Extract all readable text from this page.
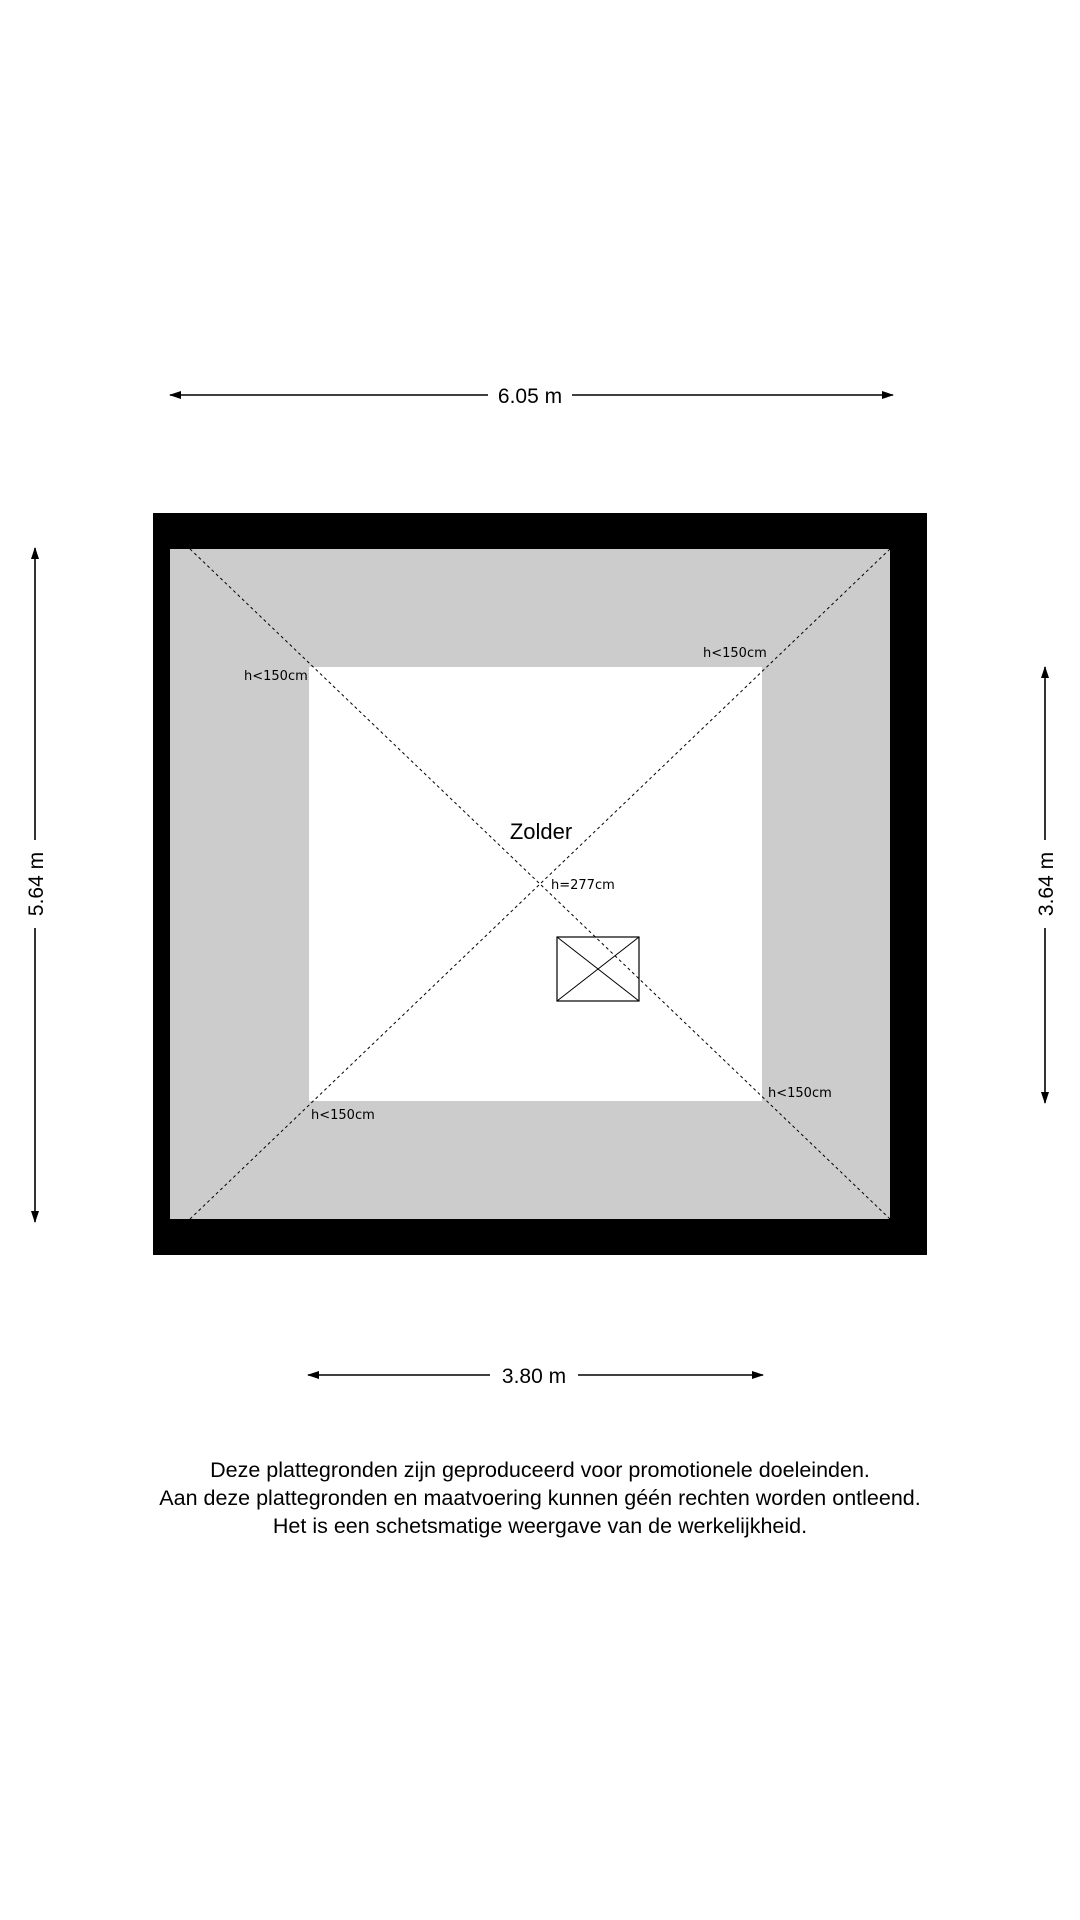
6.05 m
3.80 m
5.64 m	3.64 m
Zolder
h<150cm
h<150cm
h=277cm
h<150cm
h<150cm
Deze plattegronden zijn geproduceerd voor promotionele doeleinden.
Aan deze plattegronden en maatvoering kunnen géén rechten worden ontleend.
Het is een schetsmatige weergave van de werkelijkheid.
